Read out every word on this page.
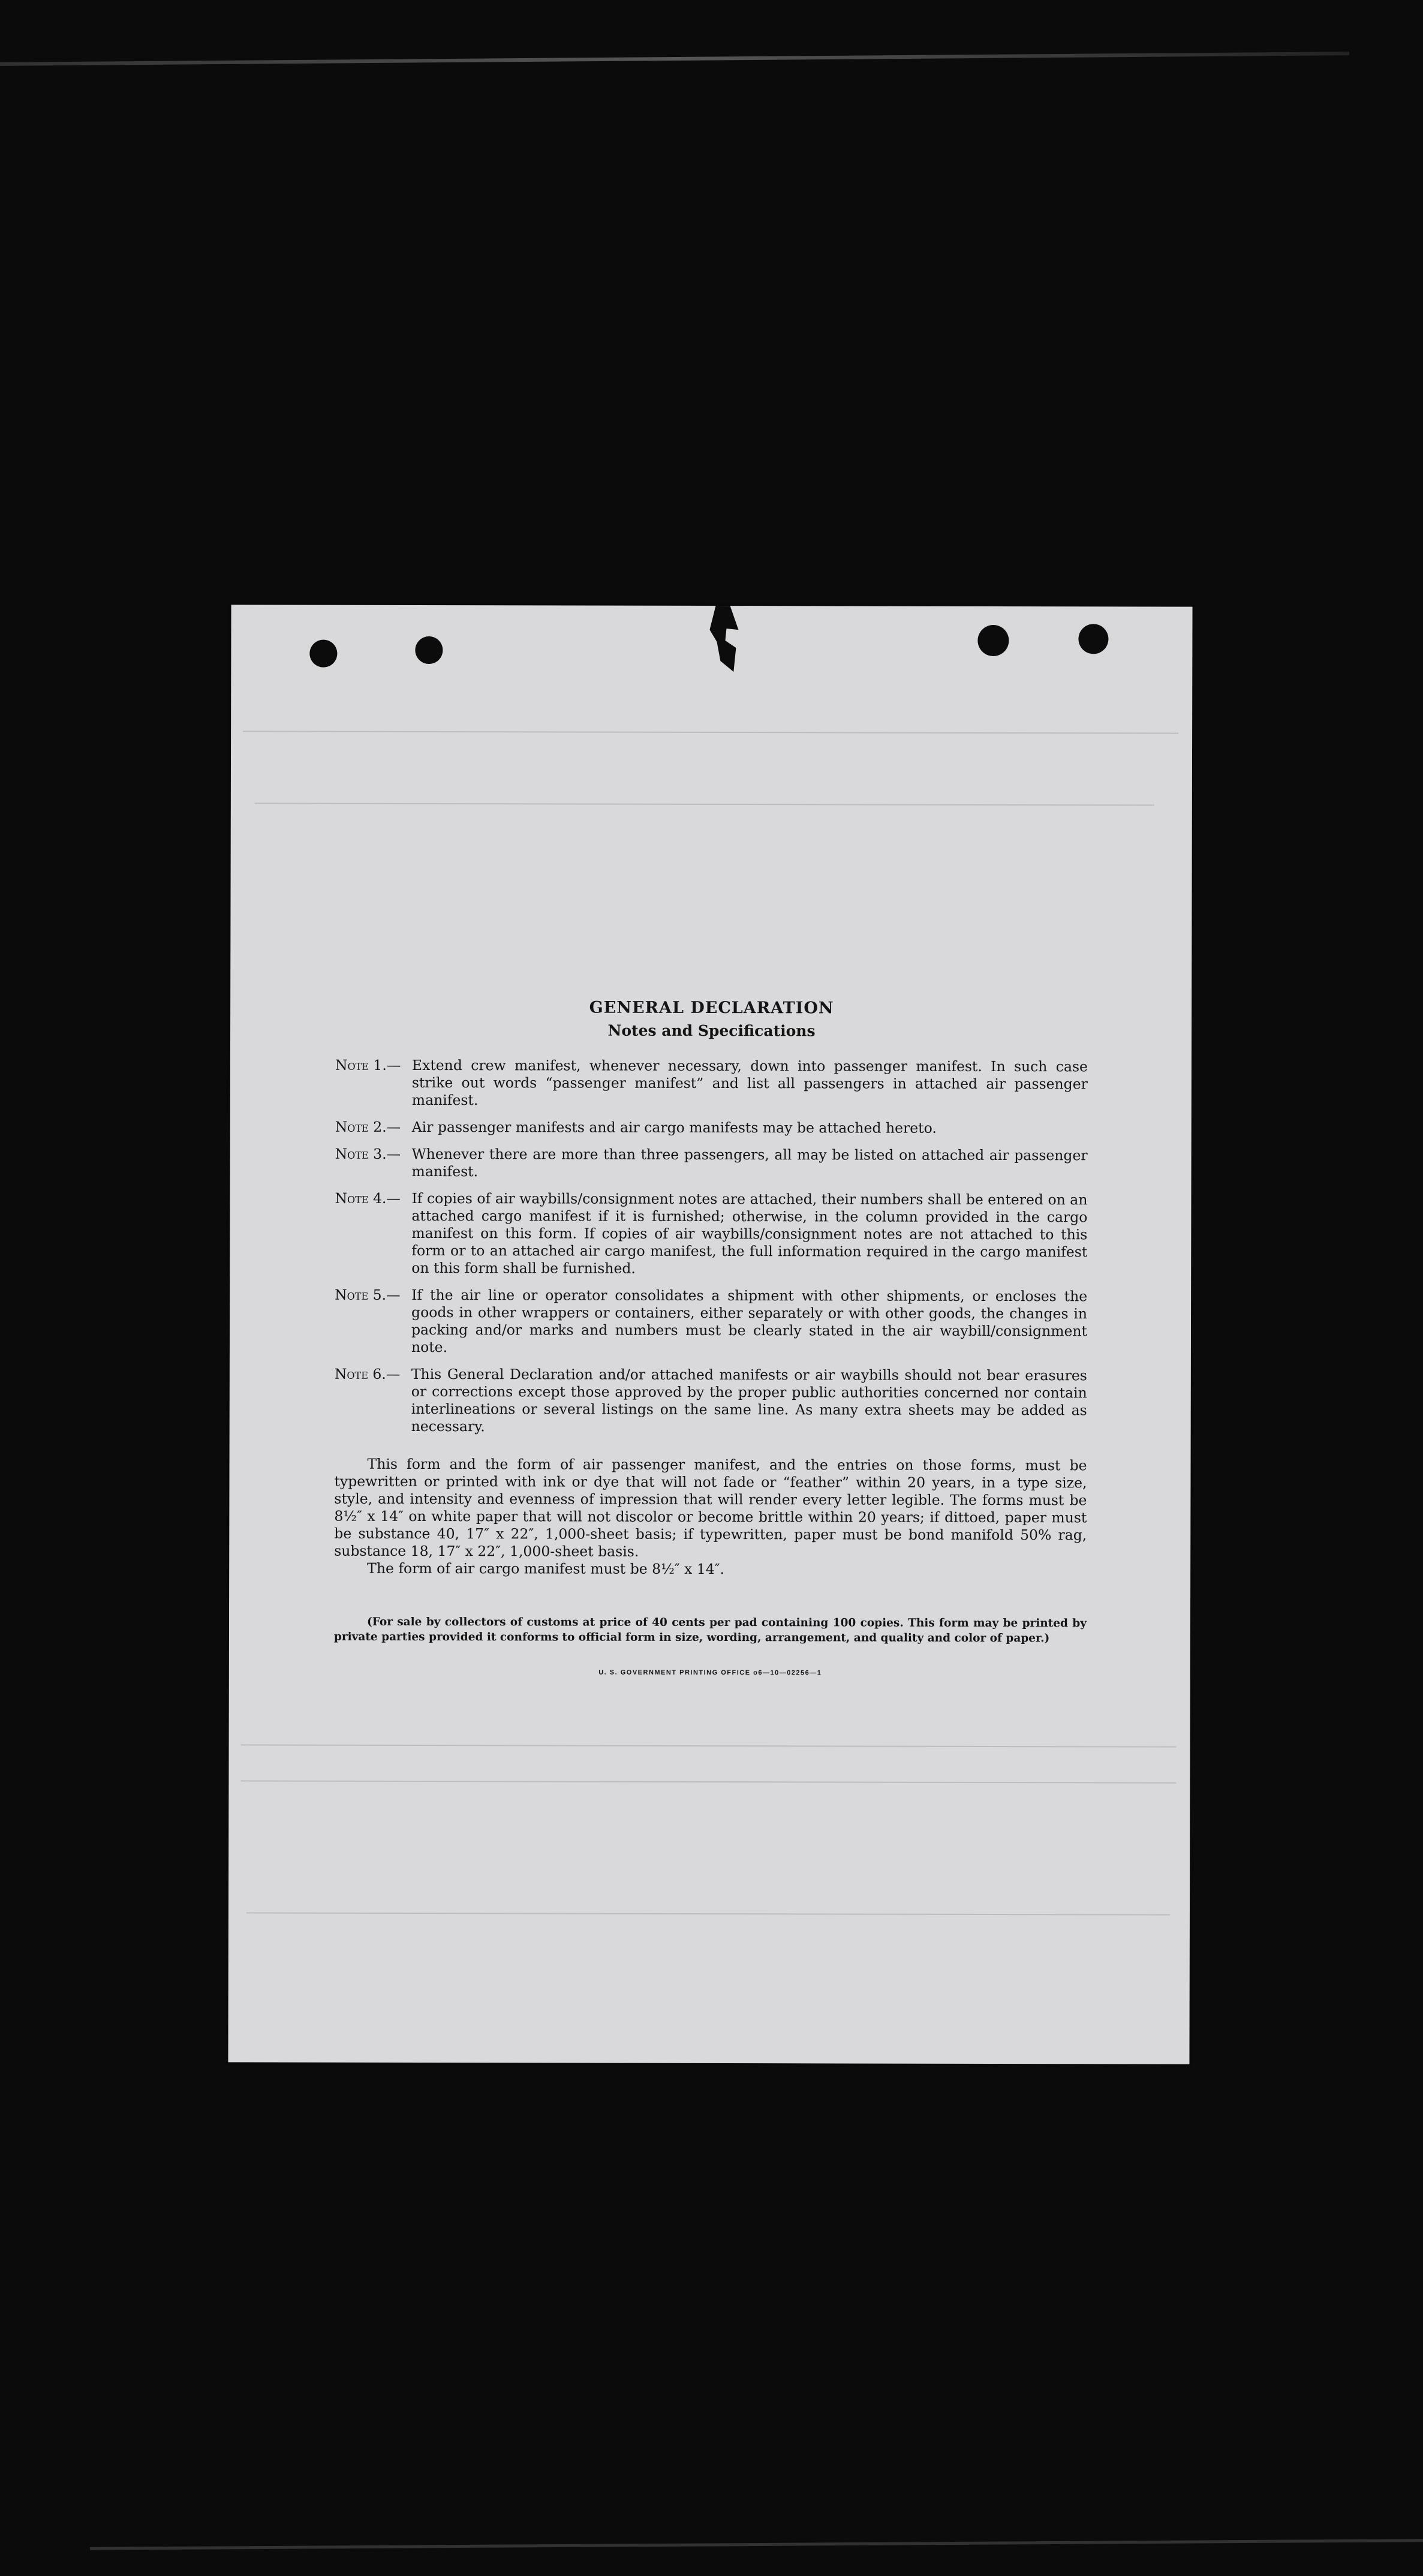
GENERAL DECLARATION
Notes and Specifications
Note 1.— Extend crew manifest, whenever necessary, down into passenger manifest. In such case strike out words “passenger manifest” and list all passengers in attached air passenger manifest.
Note 2.— Air passenger manifests and air cargo manifests may be attached hereto.
Note 3.— Whenever there are more than three passengers, all may be listed on attached air passenger manifest.
Note 4.— If copies of air waybills/consignment notes are attached, their numbers shall be entered on an attached cargo manifest if it is furnished; otherwise, in the column provided in the cargo manifest on this form. If copies of air waybills/consignment notes are not attached to this form or to an attached air cargo manifest, the full information required in the cargo manifest on this form shall be furnished.
Note 5.— If the air line or operator consolidates a shipment with other shipments, or encloses the goods in other wrappers or containers, either separately or with other goods, the changes in packing and/or marks and numbers must be clearly stated in the air waybill/consignment note.
Note 6.— This General Declaration and/or attached manifests or air waybills should not bear erasures or corrections except those approved by the proper public authorities concerned nor contain interlineations or several listings on the same line. As many extra sheets may be added as necessary.
This form and the form of air passenger manifest, and the entries on those forms, must be typewritten or printed with ink or dye that will not fade or “feather” within 20 years, in a type size, style, and intensity and evenness of impression that will render every letter legible. The forms must be 8½″ x 14″ on white paper that will not discolor or become brittle within 20 years; if dittoed, paper must be substance 40, 17″ x 22″, 1,000-sheet basis; if typewritten, paper must be bond manifold 50% rag, substance 18, 17″ x 22″, 1,000-sheet basis.
The form of air cargo manifest must be 8½″ x 14″.
(For sale by collectors of customs at price of 40 cents per pad containing 100 copies. This form may be printed by private parties provided it conforms to official form in size, wording, arrangement, and quality and color of paper.)
U. S. GOVERNMENT PRINTING OFFICE o6—10—02256—1
